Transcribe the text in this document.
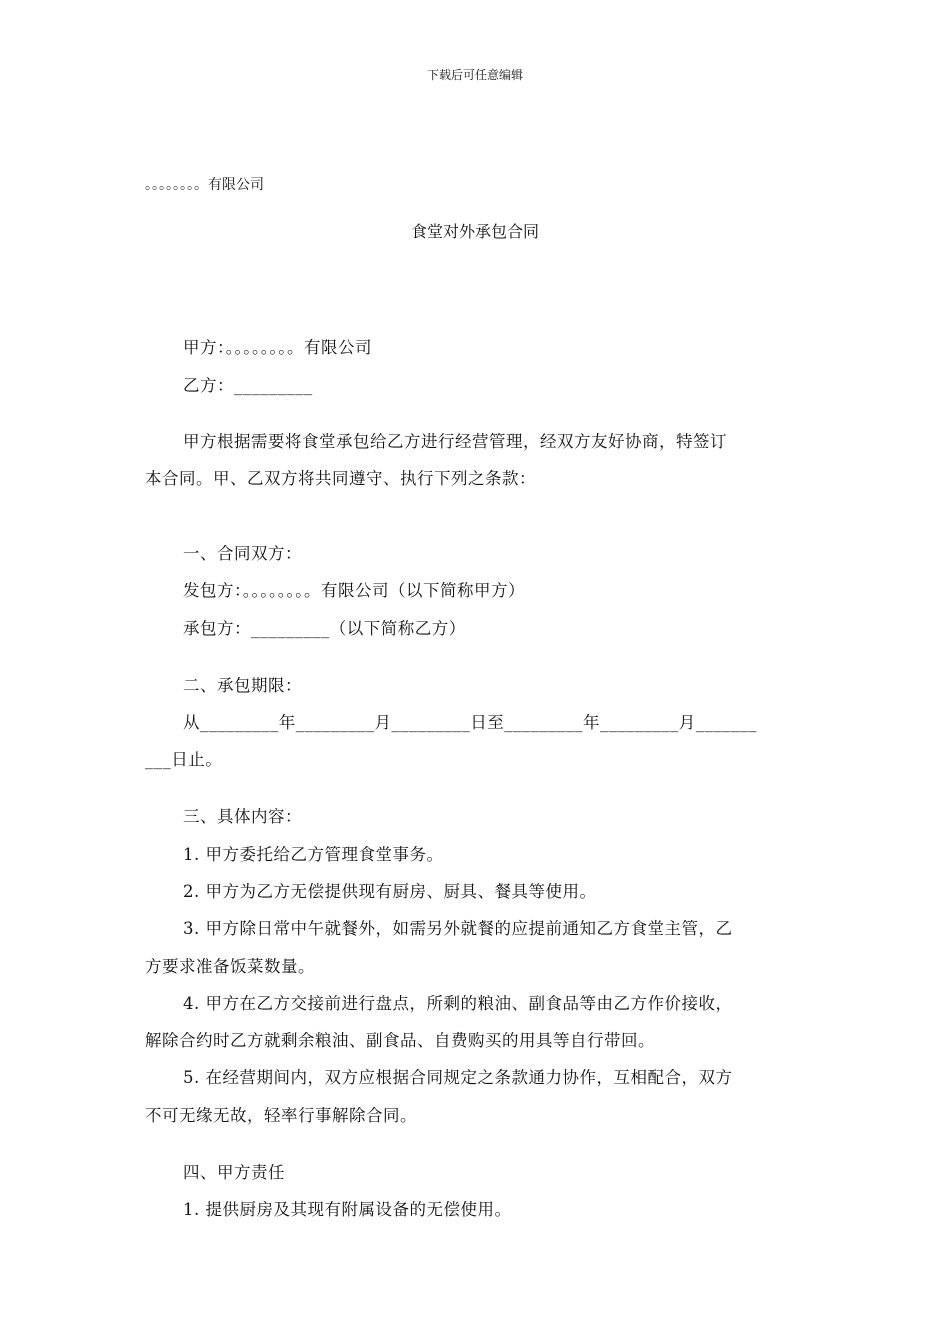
下载后可任意编辑
。。。。。。。。有限公司
食堂对外承包合同
甲方：。。。。。。。。有限公司
乙方：_________
甲方根据需要将食堂承包给乙方进行经营管理，经双方友好协商，特签订
本合同。甲、乙双方将共同遵守、执行下列之条款：
一、合同双方：
发包方：。。。。。。。。有限公司（以下简称甲方）
承包方：_________（以下简称乙方）
二、承包期限：
从_________年_________月_________日至_________年_________月_______
___日止。
三、具体内容：
1. 甲方委托给乙方管理食堂事务。
2. 甲方为乙方无偿提供现有厨房、厨具、餐具等使用。
3. 甲方除日常中午就餐外，如需另外就餐的应提前通知乙方食堂主管，乙
方要求准备饭菜数量。
4. 甲方在乙方交接前进行盘点，所剩的粮油、副食品等由乙方作价接收，
解除合约时乙方就剩余粮油、副食品、自费购买的用具等自行带回。
5. 在经营期间内，双方应根据合同规定之条款通力协作，互相配合，双方
不可无缘无故，轻率行事解除合同。
四、甲方责任
1. 提供厨房及其现有附属设备的无偿使用。
